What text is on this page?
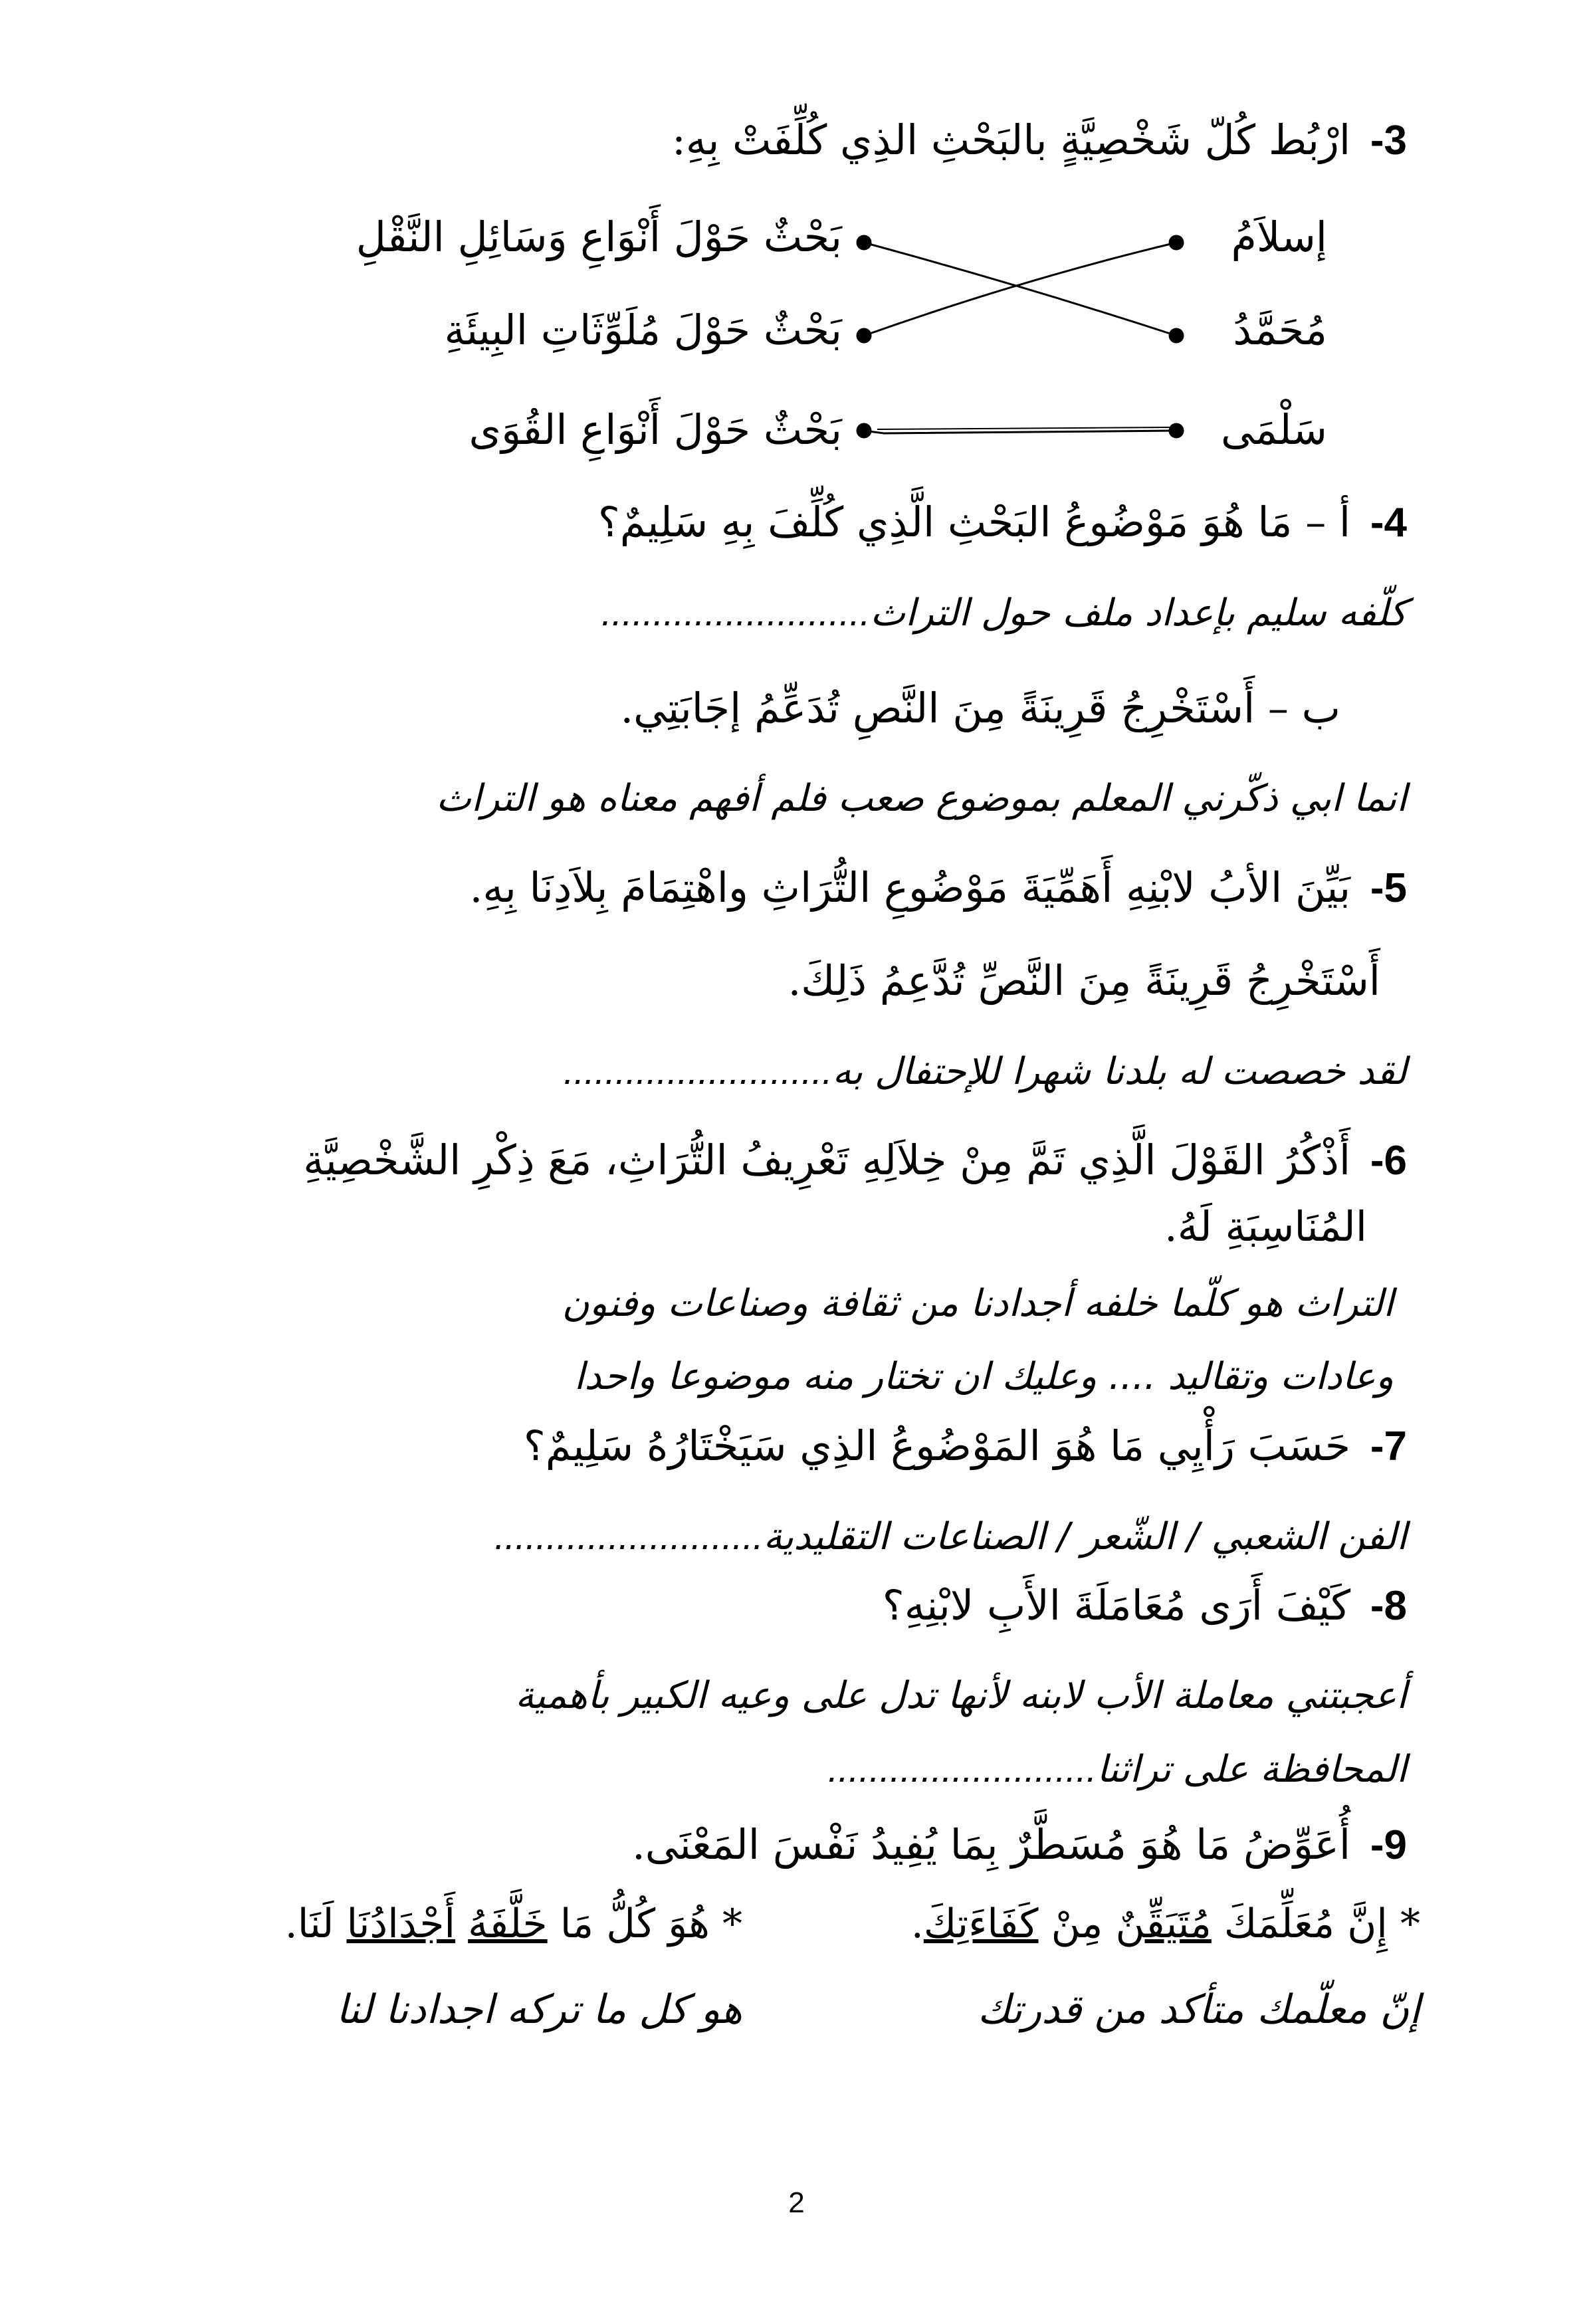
3- ارْبُط كُلّ شَخْصِيَّةٍ بالبَحْثِ الذِي كُلِّفَتْ بِهِ:
إسلاَمُ
مُحَمَّدُ
سَلْمَى
بَحْثٌ حَوْلَ أَنْوَاعِ وَسَائِلِ النَّقْلِ
بَحْثٌ حَوْلَ مُلَوِّثَاتِ البِيئَةِ
بَحْثٌ حَوْلَ أَنْوَاعِ القُوَى
4- أ – مَا هُوَ مَوْضُوعُ البَحْثِ الَّذِي كُلِّفَ بِهِ سَلِيمٌ؟
كلّفه سليم بإعداد ملف حول التراث..........................
ب – أَسْتَخْرِجُ قَرِينَةً مِنَ النَّصِ تُدَعِّمُ إجَابَتِي.
انما ابي ذكّرني المعلم بموضوع صعب فلم أفهم معناه هو التراث
5- بَيِّنَ الأبُ لابْنِهِ أَهَمِّيَةَ مَوْضُوعِ التُّرَاثِ واهْتِمَامَ بِلاَدِنَا بِهِ.
أَسْتَخْرِجُ قَرِينَةً مِنَ النَّصِّ تُدَّعِمُ ذَلِكَ.
لقد خصصت له بلدنا شهرا للإحتفال به..........................
6- أَذْكُرُ القَوْلَ الَّذِي تَمَّ مِنْ خِلاَلِهِ تَعْرِيفُ التُّرَاثِ، مَعَ ذِكْرِ الشَّخْصِيَّةِ
المُنَاسِبَةِ لَهُ.
التراث هو كلّما خلفه أجدادنا من ثقافة وصناعات وفنون
وعادات وتقاليد .... وعليك ان تختار منه موضوعا واحدا
7- حَسَبَ رَأْيِي مَا هُوَ المَوْضُوعُ الذِي سَيَخْتَارُهُ سَلِيمٌ؟
الفن الشعبي / الشّعر / الصناعات التقليدية..........................
8- كَيْفَ أَرَى مُعَامَلَةَ الأَبِ لابْنِهِ؟
أعجبتني معاملة الأب لابنه لأنها تدل على وعيه الكبير بأهمية
المحافظة على تراثنا..........................
9- أُعَوِّضُ مَا هُوَ مُسَطَّرٌ بِمَا يُفِيدُ نَفْسَ المَعْنَى.
* إِنَّ مُعَلِّمَكَ مُتَيَقِّنٌ مِنْ كَفَاءَتِكَ.
* هُوَ كُلُّ مَا خَلَّفَهُ أَجْدَادُنَا لَنَا.
إنّ معلّمك متأكد من قدرتك
هو كل ما تركه اجدادنا لنا
2
